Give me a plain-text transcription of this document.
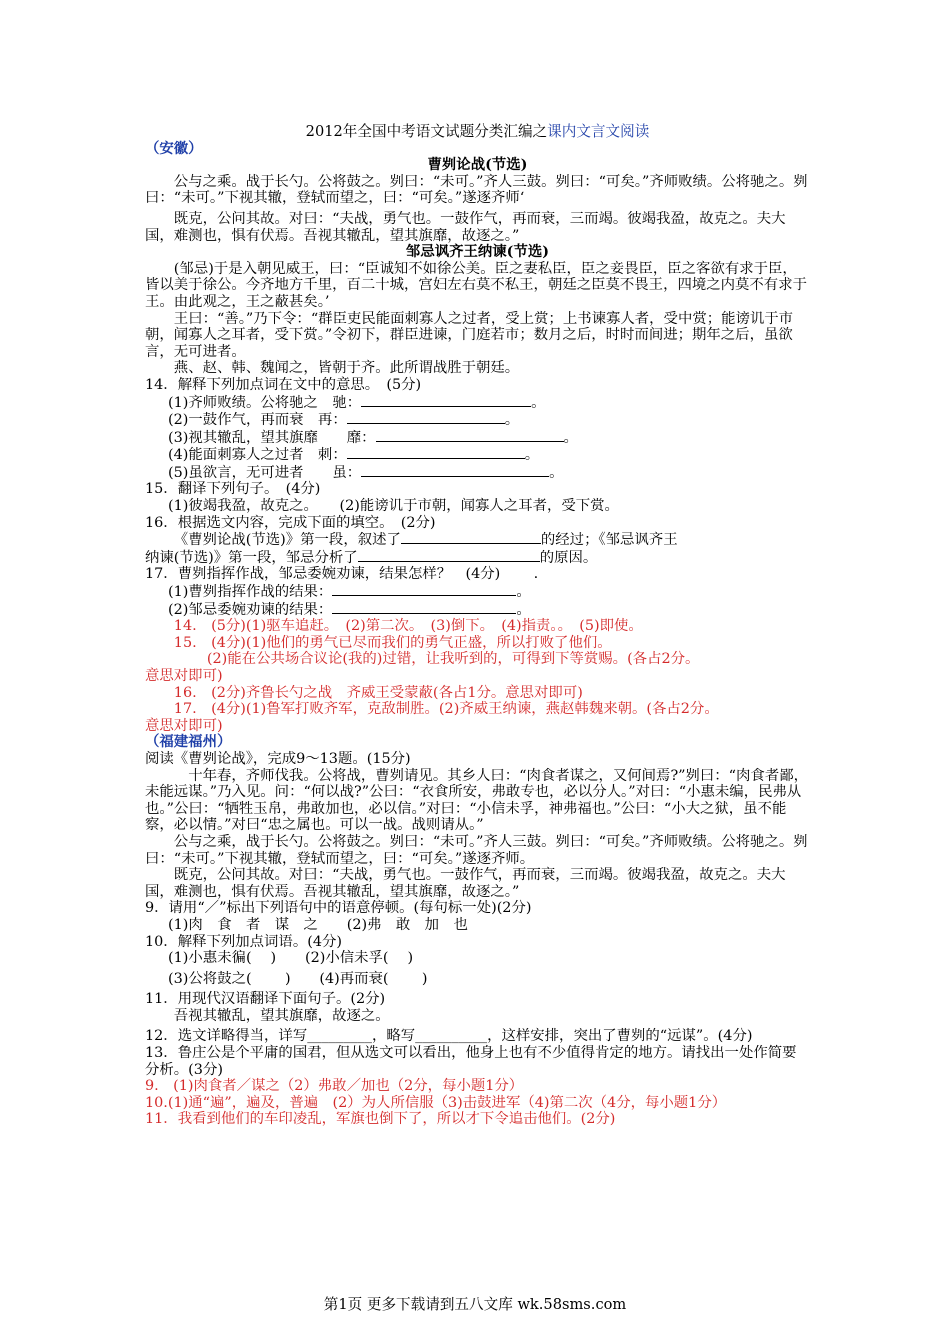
2012年全国中考语文试题分类汇编之课内文言文阅读
（安徽）
曹刿论战(节选)
公与之乘。战于长勺。公将鼓之。刿曰：“未可。”齐人三鼓。刿曰：“可矣。”齐师败绩。公将驰之。刿曰：“未可。”下视其辙，登轼而望之，曰：“可矣。”遂逐齐师‘
既克，公问其故。对曰：“夫战，勇气也。一鼓作气，再而衰，三而竭。彼竭我盈，故克之。夫大国，难测也，惧有伏焉。吾视其辙乱，望其旗靡，故逐之。”
邹忌讽齐王纳谏(节选)
(邹忌)于是入朝见威王，曰：“臣诚知不如徐公美。臣之妻私臣，臣之妾畏臣，臣之客欲有求于臣，皆以美于徐公。今齐地方千里，百二十城，宫妇左右莫不私王，朝廷之臣莫不畏王，四境之内莫不有求于王。由此观之，王之蔽甚矣。’
王曰：“善。”乃下令：“群臣吏民能面刺寡人之过者，受上赏；上书谏寡人者，受中赏；能谤讥于市朝，闻寡人之耳者，受下赏。”令初下，群臣进谏，门庭若市；数月之后，时时而间进；期年之后，虽欲言，无可进者。
燕、赵、韩、魏闻之，皆朝于齐。此所谓战胜于朝廷。
14．解释下列加点词在文中的意思。　(5分)
(1)齐师败绩。公将驰之　驰：	。
(2)一鼓作气，再而衰　再：	。
(3)视其辙乱，望其旗靡　　靡：	。
(4)能面刺寡人之过者　刺：	。
(5)虽欲言，无可进者　　虽：	。
15．翻译下列句子。　(4分)
(1)彼竭我盈，故克之。　　(2)能谤讥于市朝，闻寡人之耳者，受下赏。
16．根据选文内容，完成下面的填空。　(2分)
《曹刿论战(节选)》第一段，叙述了	的经过；《邹忌讽齐王
纳谏(节选)》第一段，邹忌分析了	的原因。
17．曹刿指挥作战，邹忌委婉劝谏，结果怎样？　(4分)　　 .
(1)曹刿指挥作战的结果：	。
(2)邹忌委婉劝谏的结果：	。
14.　(5分)(1)驱车追赶。　(2)第二次。　(3)倒下。　(4)指责。。　(5)即使。
15.　(4分)(1)他们的勇气已尽而我们的勇气正盛，所以打败了他们。
(2)能在公共场合议论(我的)过错，让我听到的，可得到下等赏赐。(各占2分。
意思对即可)
16.　(2分)齐鲁长勺之战　齐威王受蒙蔽(各占1分。意思对即可)
17.　(4分)(1)鲁军打败齐军，克敌制胜。(2)齐威王纳谏，燕赵韩魏来朝。(各占2分。
意思对即可)
（福建福州）
阅读《曹刿论战》，完成9～13题。(15分)
　十年春，齐师伐我。公将战，曹刿请见。其乡人曰：“肉食者谋之，又何间焉?”刿曰：“肉食者鄙，未能远谋。”乃入见。问：“何以战?”公曰：“衣食所安，弗敢专也，必以分人。”对曰：“小惠未编，民弗从也。”公曰：“牺牲玉帛，弗敢加也，必以信。”对曰：“小信未孚，神弗福也。”公曰：“小大之狱，虽不能察，必以情。”对曰“忠之属也。可以一战。战则请从。”
公与之乘，战于长勺。公将鼓之。刿曰：“未可。”齐人三鼓。刿曰：“可矣。”齐师败绩。公将驰之。刿曰：“未可。”下视其辙，登轼而望之，曰：“可矣。”遂逐齐师。
既克，公问其故。对曰：“夫战，勇气也。一鼓作气，再而衰，三而竭。彼竭我盈，故克之。夫大国，难测也，惧有伏焉。吾视其辙乱，望其旗靡，故逐之。”
9．请用“／”标出下列语句中的语意停顿。(每句标一处)(2分)
(1)肉　食　者　谋　之　　(2)弗　敢　加　也
10．解释下列加点词语。(4分)
(1)小惠未徧(　 )　　(2)小信未孚(　 )
(3)公将鼓之(　　 )　　(4)再而衰(　　 )
11．用现代汉语翻译下面句子。(2分)
吾视其辙乱，望其旗靡，故逐之。
12．选文详略得当，详写_________，略写__________，这样安排，突出了曹刿的“远谋”。(4分)
13．鲁庄公是个平庸的国君，但从选文可以看出，他身上也有不少值得肯定的地方。请找出一处作简要分析。(3分)
9.　(1)肉食者／谋之（2）弗敢／加也（2分，每小题1分）
10.(1)通“遍”，遍及，普遍　(2）为人所信服（3)击鼓进军（4)第二次（4分，每小题1分）
11．我看到他们的车印凌乱，军旗也倒下了，所以才下令追击他们。(2分)
第1页 更多下载请到五八文库 wk.58sms.com
